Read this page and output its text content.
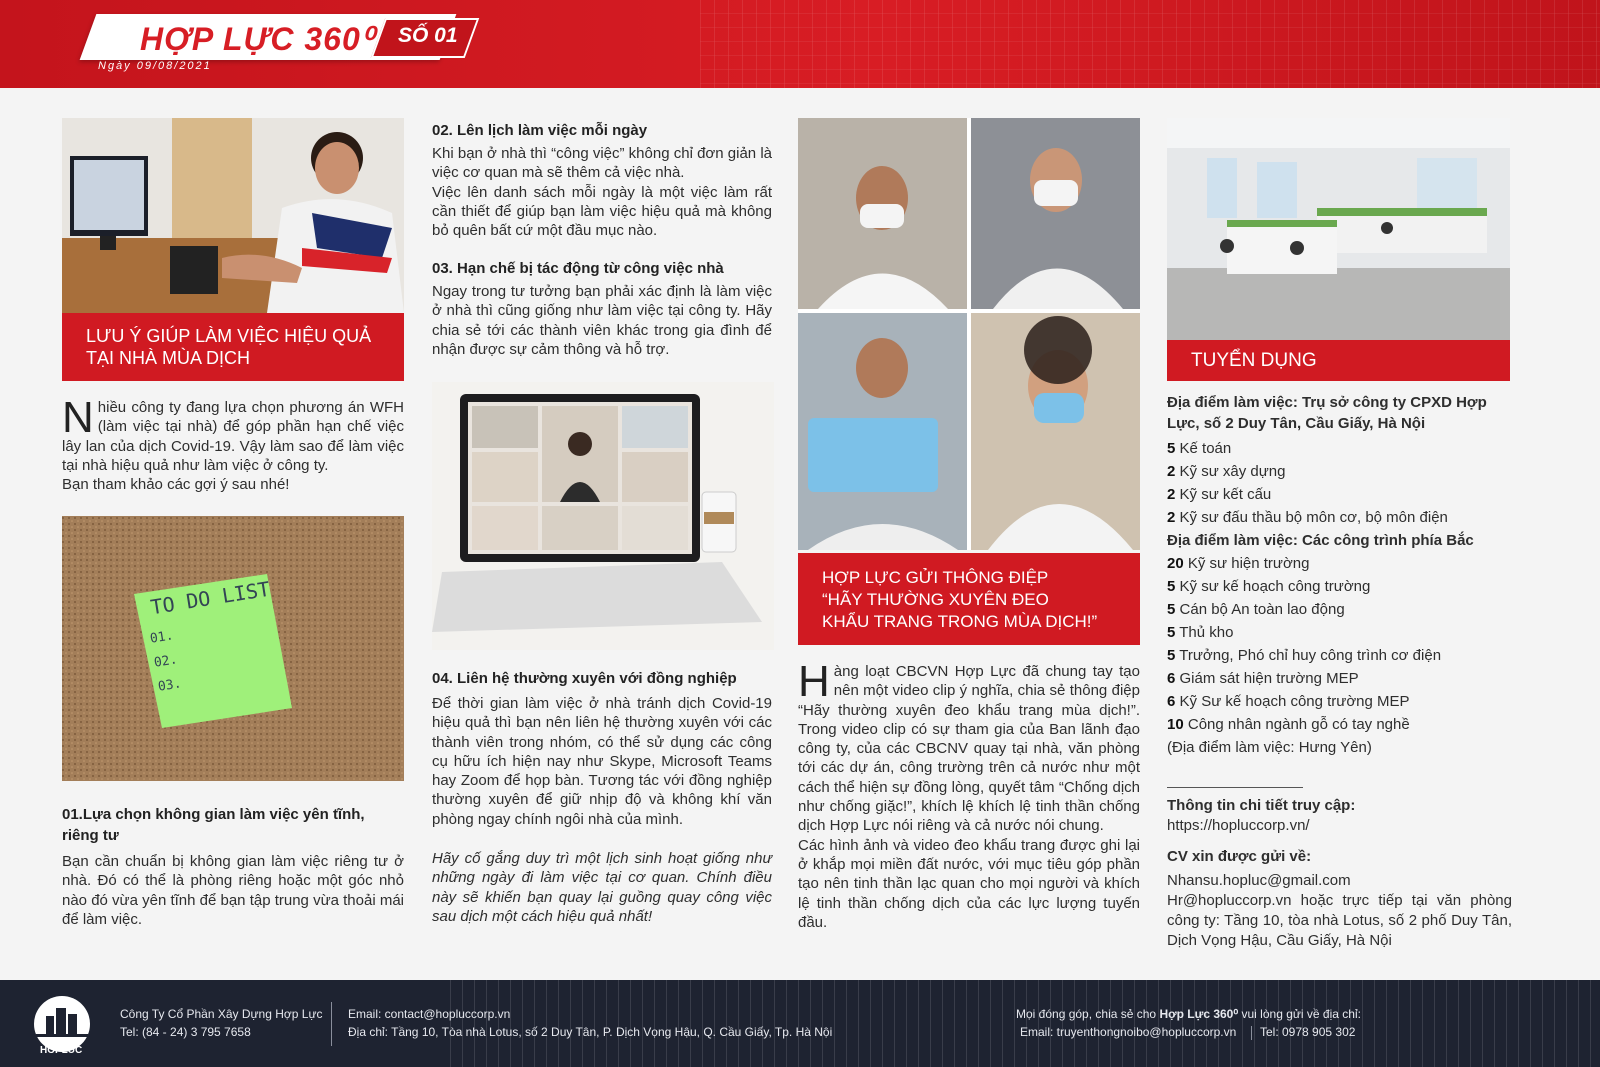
HỢP LỰC 360⁰ SỐ 01
Ngày 09/08/2021
LƯU Ý GIÚP LÀM VIỆC HIỆU QUẢ
TẠI NHÀ MÙA DỊCH
Nhiều công ty đang lựa chọn phương án WFH (làm việc tại nhà) để góp phần hạn chế việc lây lan của dịch Covid-19. Vậy làm sao để làm việc tại nhà hiệu quả như làm việc ở công ty.
Bạn tham khảo các gợi ý sau nhé!
TO DO LIST
01.
02.
03.
01.Lựa chọn không gian làm việc yên tĩnh, riêng tư
Bạn cần chuẩn bị không gian làm việc riêng tư ở nhà. Đó có thể là phòng riêng hoặc một góc nhỏ nào đó vừa yên tĩnh để bạn tập trung vừa thoải mái để làm việc.
02. Lên lịch làm việc mỗi ngày
Khi bạn ở nhà thì “công việc” không chỉ đơn giản là việc cơ quan mà sẽ thêm cả việc nhà.
Việc lên danh sách mỗi ngày là một việc làm rất cần thiết để giúp bạn làm việc hiệu quả mà không bỏ quên bất cứ một đầu mục nào.
03. Hạn chế bị tác động từ công việc nhà
Ngay trong tư tưởng bạn phải xác định là làm việc ở nhà thì cũng giống như làm việc tại công ty. Hãy chia sẻ tới các thành viên khác trong gia đình để nhận được sự cảm thông và hỗ trợ.
04. Liên hệ thường xuyên với đồng nghiệp
Để thời gian làm việc ở nhà tránh dịch Covid-19 hiệu quả thì bạn nên liên hệ thường xuyên với các thành viên trong nhóm, có thể sử dụng các công cụ hữu ích hiện nay như Skype, Microsoft Teams hay Zoom để họp bàn. Tương tác với đồng nghiệp thường xuyên để giữ nhịp độ và không khí văn phòng ngay chính ngôi nhà của mình.
Hãy cố gắng duy trì một lịch sinh hoạt giống như những ngày đi làm việc tại cơ quan. Chính điều này sẽ khiến bạn quay lại guồng quay công việc sau dịch một cách hiệu quả nhất!
HỢP LỰC GỬI THÔNG ĐIỆP
“HÃY THƯỜNG XUYÊN ĐEO
KHẨU TRANG TRONG MÙA DỊCH!”
Hàng loạt CBCVN Hợp Lực đã chung tay tạo nên một video clip ý nghĩa, chia sẻ thông điệp “Hãy thường xuyên đeo khẩu trang mùa dịch!”. Trong video clip có sự tham gia của Ban lãnh đạo công ty, của các CBCNV quay tại nhà, văn phòng tới các dự án, công trường trên cả nước như một cách thể hiện sự đồng lòng, quyết tâm “Chống dịch như chống giặc!”, khích lệ khích lệ tinh thần chống dịch Hợp Lực nói riêng và cả nước nói chung.
Các hình ảnh và video đeo khẩu trang được ghi lại ở khắp mọi miền đất nước, với mục tiêu góp phần tạo nên tinh thần lạc quan cho mọi người và khích lệ tinh thần chống dịch của các lực lượng tuyến đầu.
TUYỂN DỤNG
Địa điểm làm việc: Trụ sở công ty CPXD Hợp Lực, số 2 Duy Tân, Cầu Giấy, Hà Nội
5 Kế toán
2 Kỹ sư xây dựng
2 Kỹ sư kết cấu
2 Kỹ sư đấu thầu bộ môn cơ, bộ môn điện
Địa điểm làm việc: Các công trình phía Bắc
20 Kỹ sư hiện trường
5 Kỹ sư kế hoạch công trường
5 Cán bộ An toàn lao động
5 Thủ kho
5 Trưởng, Phó chỉ huy công trình cơ điện
6 Giám sát hiện trường MEP
6 Kỹ Sư kế hoạch công trường MEP
10 Công nhân ngành gỗ có tay nghề
(Địa điểm làm việc: Hưng Yên)
Thông tin chi tiết truy cập:
https://hopluccorp.vn/
CV xin được gửi về:
Nhansu.hopluc@gmail.com
Hr@hopluccorp.vn hoặc trực tiếp tại văn phòng công ty: Tầng 10, tòa nhà Lotus, số 2 phố Duy Tân, Dịch Vọng Hậu, Cầu Giấy, Hà Nội
HOPLUC
Công Ty Cổ Phần Xây Dựng Hợp Lực
Tel: (84 - 24) 3 795 7658
Email: contact@hopluccorp.vn
Địa chỉ: Tầng 10, Tòa nhà Lotus, số 2 Duy Tân, P. Dịch Vọng Hậu, Q. Cầu Giấy, Tp. Hà Nội
Mọi đóng góp, chia sẻ cho Hợp Lực 360⁰ vui lòng gửi về địa chỉ:
Email: truyenthongnoibo@hopluccorp.vn Tel: 0978 905 302
